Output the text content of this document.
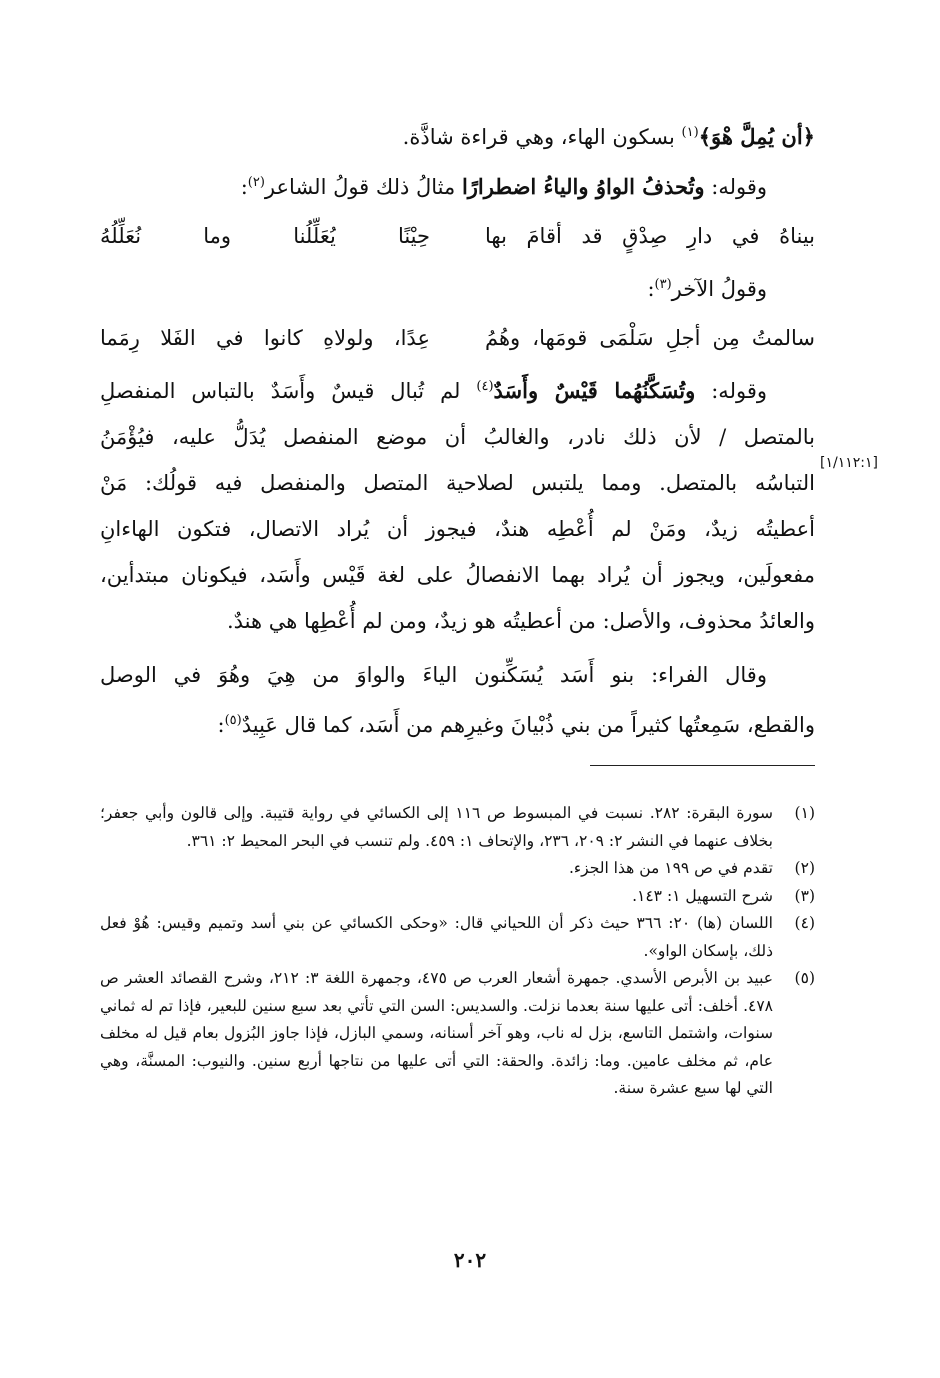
﴿أن يُمِلَّ هْوَ﴾$^{(١)}$ بسكون الهاء، وهي قراءة شاذَّة.
وقوله: وتُحذفُ الواوُ والياءُ اضطرارًا مثالُ ذلك قولُ الشاعر$^{(٢)}$:
بيناهُ في دارِ صِدْقٍ قد أقامَ بها
حِيْنًا يُعَلِّلُنا وما نُعَلِّلُهُ
وقولُ الآخر$^{(٣)}$:
سالمتُ مِن أجلِ سَلْمَى قومَها، وهُمُ
عِدًا، ولولاهِ كانوا في الفَلا رِمَما
وقوله: وتُسَكَّنُهُما قَيْسٌ وأَسَدٌ$^{(٤)}$ لم تُبال قيسٌ وأَسَدٌ بالتباس المنفصلِ
بالمتصل / لأن ذلك نادر، والغالبُ أن موضع المنفصل يُدَلُّ عليه، فيُؤْمَنُ
التباسُه بالمتصل. ومما يلتبس لصلاحية المتصل والمنفصل فيه قولُك: مَنْ
أعطيتُه زيدٌ، ومَنْ لم أُعْطِه هندٌ، فيجوز أن يُراد الاتصال، فتكون الهاءانِ
مفعولَين، ويجوز أن يُراد بهما الانفصالُ على لغة قَيْس وأَسَد، فيكونان مبتدأين،
والعائدُ محذوف، والأصل: من أعطيتُه هو زيدٌ، ومن لم أُعْطِها هي هندٌ.
وقال الفراء: بنو أَسَد يُسَكِّنون الياءَ والواوَ من هِيَ وهُوَ في الوصل
والقطع، سَمِعتُها كثيراً من بني ذُبْيانَ وغيرِهم من أَسَد، كما قال عَبِيدٌ$^{(٥)}$:
[١/١١٢:١]
(١)
سورة البقرة: ٢٨٢. نسبت في المبسوط ص ١١٦ إلى الكسائي في رواية قتيبة. وإلى قالون وأبي جعفر؛ بخلاف عنهما في النشر ٢: ٢٠٩، ٢٣٦، والإتحاف ١: ٤٥٩. ولم تنسب في البحر المحيط ٢: ٣٦١.
(٢)
تقدم في ص ١٩٩ من هذا الجزء.
(٣)
شرح التسهيل ١: ١٤٣.
(٤)
اللسان (ها) ٢٠: ٣٦٦ حيث ذكر أن اللحياني قال: «وحكى الكسائي عن بني أسد وتميم وقيس: هُوْ فعل ذلك، بإسكان الواو».
(٥)
عبيد بن الأبرص الأسدي. جمهرة أشعار العرب ص ٤٧٥، وجمهرة اللغة ٣: ٢١٢، وشرح القصائد العشر ص ٤٧٨. أخلف: أتى عليها سنة بعدما نزلت. والسديس: السن التي تأتي بعد سبع سنين للبعير، فإذا تم له ثماني سنوات، واشتمل التاسع، بزل له ناب، وهو آخر أسنانه، وسمي البازل، فإذا جاوز البُزول بعام قيل له مخلف عام، ثم مخلف عامين. وما: زائدة. والحقة: التي أتى عليها من نتاجها أربع سنين. والنيوب: المسنَّة، وهي التي لها سبع عشرة سنة.
٢٠٢
